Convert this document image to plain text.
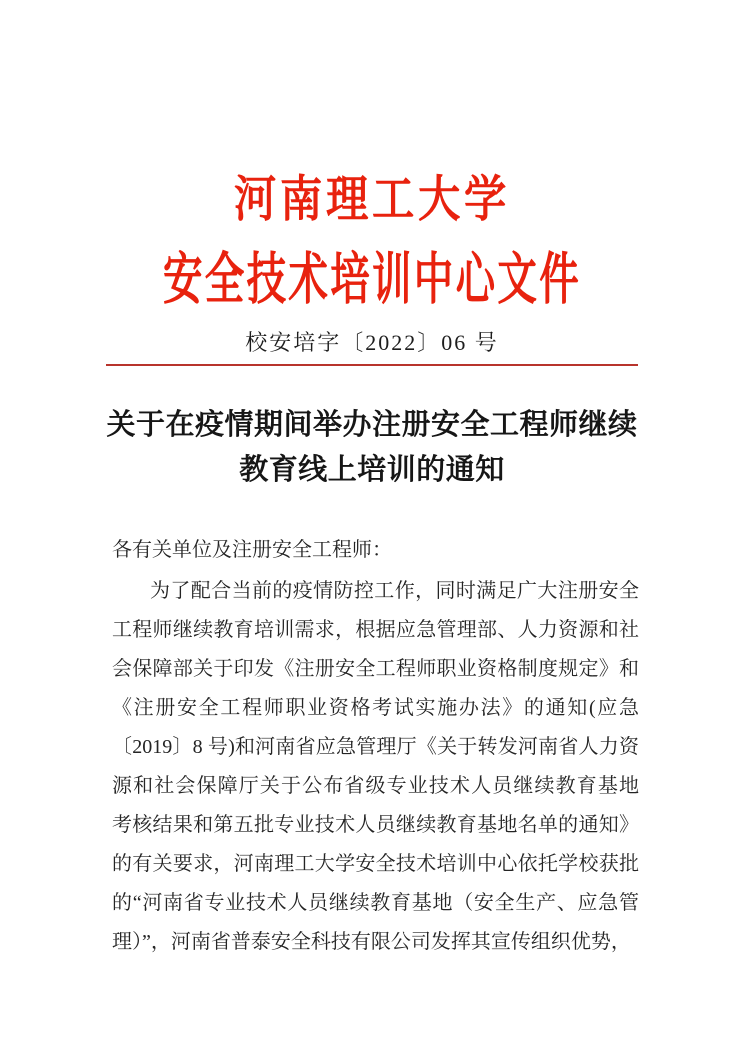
河南理工大学
安全技术培训中心文件
校安培字〔2022〕06 号
关于在疫情期间举办注册安全工程师继续
教育线上培训的通知
各有关单位及注册安全工程师：
为了配合当前的疫情防控工作，同时满足广大注册安全
工程师继续教育培训需求，根据应急管理部、人力资源和社
会保障部关于印发《注册安全工程师职业资格制度规定》和
《注册安全工程师职业资格考试实施办法》的通知(应急
〔2019〕8 号)和河南省应急管理厅《关于转发河南省人力资
源和社会保障厅关于公布省级专业技术人员继续教育基地
考核结果和第五批专业技术人员继续教育基地名单的通知》
的有关要求，河南理工大学安全技术培训中心依托学校获批
的“河南省专业技术人员继续教育基地（安全生产、应急管
理）”，河南省普泰安全科技有限公司发挥其宣传组织优势，
